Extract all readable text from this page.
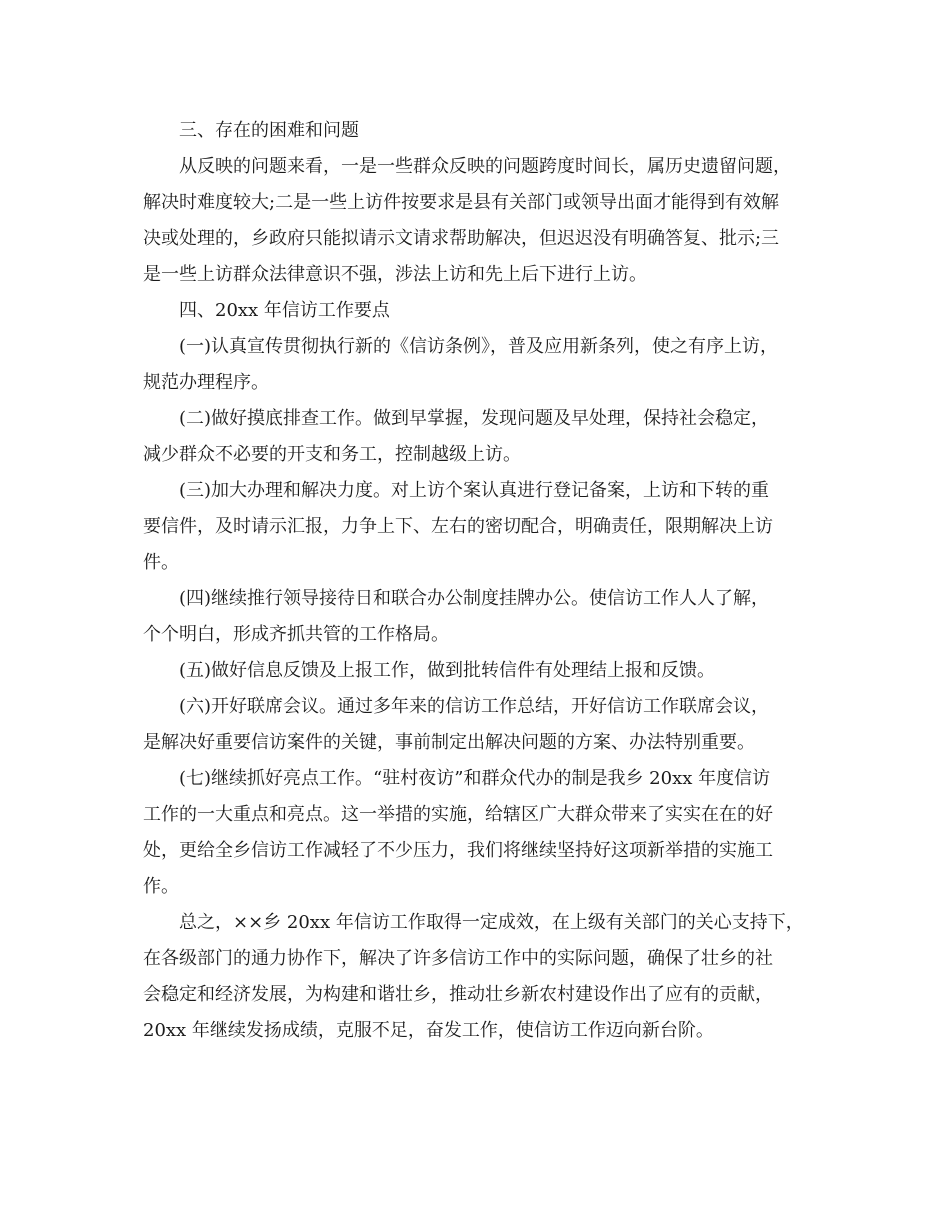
三、存在的困难和问题

从反映的问题来看，一是一些群众反映的问题跨度时间长，属历史遗留问题，

解决时难度较大;二是一些上访件按要求是县有关部门或领导出面才能得到有效解

决或处理的，乡政府只能拟请示文请求帮助解决，但迟迟没有明确答复、批示;三

是一些上访群众法律意识不强，涉法上访和先上后下进行上访。

四、20xx 年信访工作要点

(一)认真宣传贯彻执行新的《信访条例》，普及应用新条列，使之有序上访，

规范办理程序。

(二)做好摸底排查工作。做到早掌握，发现问题及早处理，保持社会稳定，

减少群众不必要的开支和务工，控制越级上访。

(三)加大办理和解决力度。对上访个案认真进行登记备案，上访和下转的重

要信件，及时请示汇报，力争上下、左右的密切配合，明确责任，限期解决上访

件。

(四)继续推行领导接待日和联合办公制度挂牌办公。使信访工作人人了解，

个个明白，形成齐抓共管的工作格局。

(五)做好信息反馈及上报工作，做到批转信件有处理结上报和反馈。

(六)开好联席会议。通过多年来的信访工作总结，开好信访工作联席会议，

是解决好重要信访案件的关键，事前制定出解决问题的方案、办法特别重要。

(七)继续抓好亮点工作。“驻村夜访”和群众代办的制是我乡 20xx 年度信访

工作的一大重点和亮点。这一举措的实施，给辖区广大群众带来了实实在在的好

处，更给全乡信访工作减轻了不少压力，我们将继续坚持好这项新举措的实施工

作。

总之，××乡 20xx 年信访工作取得一定成效，在上级有关部门的关心支持下，

在各级部门的通力协作下，解决了许多信访工作中的实际问题，确保了壮乡的社

会稳定和经济发展，为构建和谐壮乡，推动壮乡新农村建设作出了应有的贡献，

20xx 年继续发扬成绩，克服不足，奋发工作，使信访工作迈向新台阶。
